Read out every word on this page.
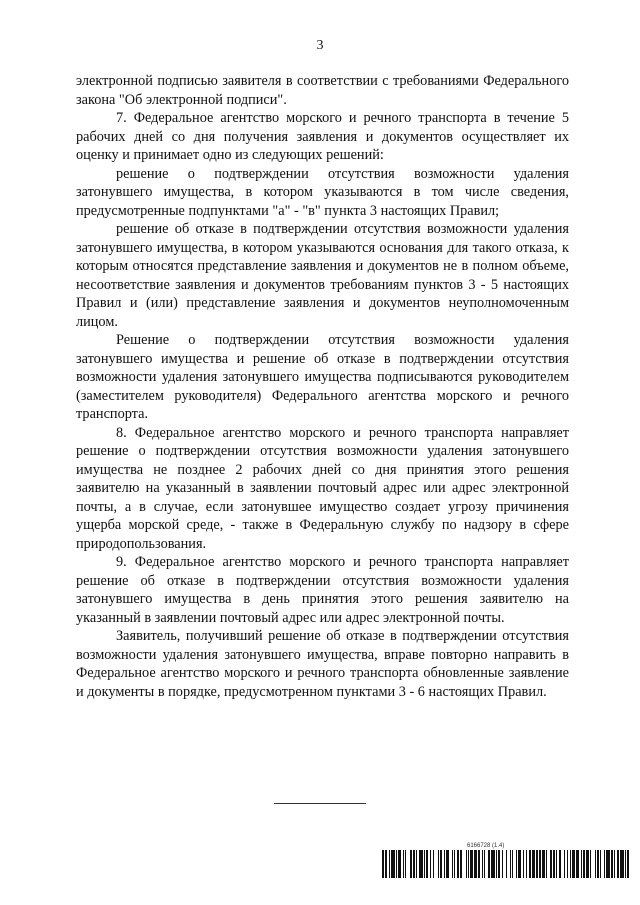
3

электронной подписью заявителя в соответствии с требованиями Федерального закона "Об электронной подписи".

7. Федеральное агентство морского и речного транспорта в течение 5 рабочих дней со дня получения заявления и документов осуществляет их оценку и принимает одно из следующих решений:

решение о подтверждении отсутствия возможности удаления затонувшего имущества, в котором указываются в том числе сведения, предусмотренные подпунктами "а" - "в" пункта 3 настоящих Правил;

решение об отказе в подтверждении отсутствия возможности удаления затонувшего имущества, в котором указываются основания для такого отказа, к которым относятся представление заявления и документов не в полном объеме, несоответствие заявления и документов требованиям пунктов 3 - 5 настоящих Правил и (или) представление заявления и документов неуполномоченным лицом.

Решение о подтверждении отсутствия возможности удаления затонувшего имущества и решение об отказе в подтверждении отсутствия возможности удаления затонувшего имущества подписываются руководителем (заместителем руководителя) Федерального агентства морского и речного транспорта.

8. Федеральное агентство морского и речного транспорта направляет решение о подтверждении отсутствия возможности удаления затонувшего имущества не позднее 2 рабочих дней со дня принятия этого решения заявителю на указанный в заявлении почтовый адрес или адрес электронной почты, а в случае, если затонувшее имущество создает угрозу причинения ущерба морской среде, - также в Федеральную службу по надзору в сфере природопользования.

9. Федеральное агентство морского и речного транспорта направляет решение об отказе в подтверждении отсутствия возможности удаления затонувшего имущества в день принятия этого решения заявителю на указанный в заявлении почтовый адрес или адрес электронной почты.

Заявитель, получивший решение об отказе в подтверждении отсутствия возможности удаления затонувшего имущества, вправе повторно направить в Федеральное агентство морского и речного транспорта обновленные заявление и документы в порядке, предусмотренном пунктами 3 - 6 настоящих Правил.

6166728 (1.4)
